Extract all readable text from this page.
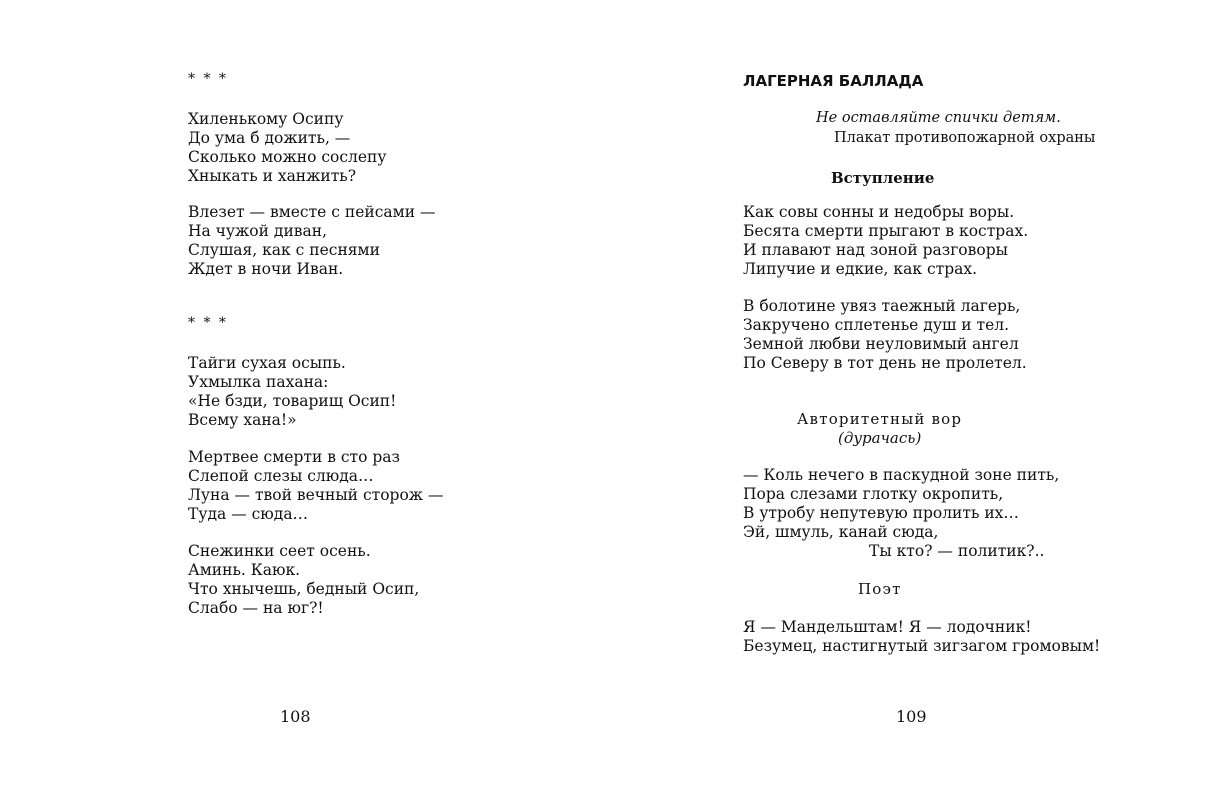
* * *
Хиленькому Осипу
До ума б дожить, —
Сколько можно сослепу
Хныкать и ханжить?
Влезет — вместе с пейсами —
На чужой диван,
Слушая, как с песнями
Ждет в ночи Иван.
* * *
Тайги сухая осыпь.
Ухмылка пахана:
«Не бзди, товарищ Осип!
Всему хана!»
Мертвее смерти в сто раз
Слепой слезы слюда…
Луна — твой вечный сторож —
Туда — сюда…
Снежинки сеет осень.
Аминь. Каюк.
Что хнычешь, бедный Осип,
Слабо — на юг?!
108
ЛАГЕРНАЯ БАЛЛАДА
Не оставляйте спички детям.
Плакат противопожарной охраны
Вступление
Как совы сонны и недобры воры.
Бесята смерти прыгают в кострах.
И плавают над зоной разговоры
Липучие и едкие, как страх.
В болотине увяз таежный лагерь,
Закручено сплетенье душ и тел.
Земной любви неуловимый ангел
По Северу в тот день не пролетел.
Авторитетный вор
(дурачась)
— Коль нечего в паскудной зоне пить,
Пора слезами глотку окропить,
В утробу непутевую пролить их…
Эй, шмуль, канай сюда,
Ты кто? — политик?..
Поэт
Я — Мандельштам! Я — лодочник!
Безумец, настигнутый зигзагом громовым!
109
